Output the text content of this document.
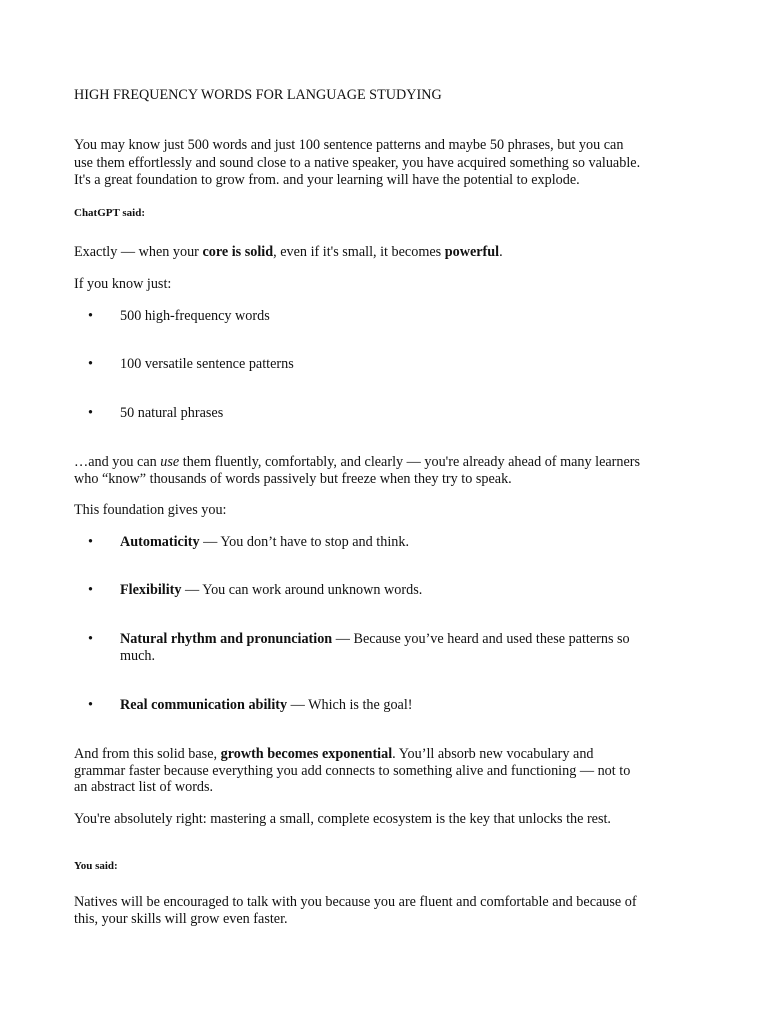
HIGH FREQUENCY WORDS FOR LANGUAGE STUDYING
You may know just 500 words and just 100 sentence patterns and maybe 50 phrases, but you can
use them effortlessly and sound close to a native speaker, you have acquired something so valuable.
It's a great foundation to grow from. and your learning will have the potential to explode.
ChatGPT said:
Exactly — when your core is solid, even if it's small, it becomes powerful.
If you know just:
•	500 high-frequency words
•	100 versatile sentence patterns
•	50 natural phrases
…and you can use them fluently, comfortably, and clearly — you're already ahead of many learners
who “know” thousands of words passively but freeze when they try to speak.
This foundation gives you:
•	Automaticity — You don’t have to stop and think.
•	Flexibility — You can work around unknown words.
•	Natural rhythm and pronunciation — Because you’ve heard and used these patterns so
much.
•	Real communication ability — Which is the goal!
And from this solid base, growth becomes exponential. You’ll absorb new vocabulary and
grammar faster because everything you add connects to something alive and functioning — not to
an abstract list of words.
You're absolutely right: mastering a small, complete ecosystem is the key that unlocks the rest.
You said:
Natives will be encouraged to talk with you because you are fluent and comfortable and because of
this, your skills will grow even faster.
